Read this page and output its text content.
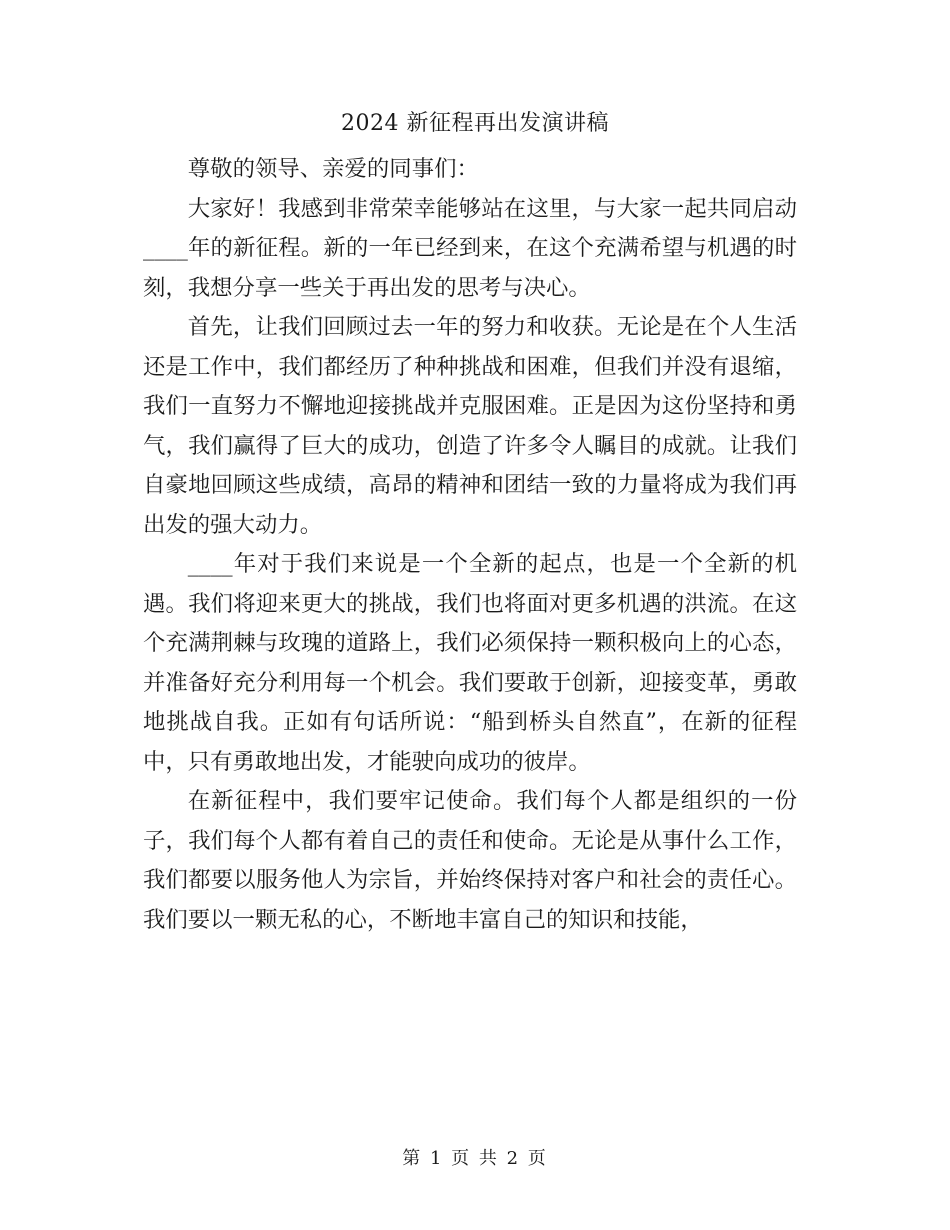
2024 新征程再出发演讲稿

尊敬的领导、亲爱的同事们：

大家好！我感到非常荣幸能够站在这里，与大家一起共同启动____年的新征程。新的一年已经到来，在这个充满希望与机遇的时刻，我想分享一些关于再出发的思考与决心。

首先，让我们回顾过去一年的努力和收获。无论是在个人生活还是工作中，我们都经历了种种挑战和困难，但我们并没有退缩，我们一直努力不懈地迎接挑战并克服困难。正是因为这份坚持和勇气，我们赢得了巨大的成功，创造了许多令人瞩目的成就。让我们自豪地回顾这些成绩，高昂的精神和团结一致的力量将成为我们再出发的强大动力。

____年对于我们来说是一个全新的起点，也是一个全新的机遇。我们将迎来更大的挑战，我们也将面对更多机遇的洪流。在这个充满荆棘与玫瑰的道路上，我们必须保持一颗积极向上的心态，并准备好充分利用每一个机会。我们要敢于创新，迎接变革，勇敢地挑战自我。正如有句话所说：“船到桥头自然直”，在新的征程中，只有勇敢地出发，才能驶向成功的彼岸。

在新征程中，我们要牢记使命。我们每个人都是组织的一份子，我们每个人都有着自己的责任和使命。无论是从事什么工作，我们都要以服务他人为宗旨，并始终保持对客户和社会的责任心。我们要以一颗无私的心，不断地丰富自己的知识和技能，

第 1 页 共 2 页
